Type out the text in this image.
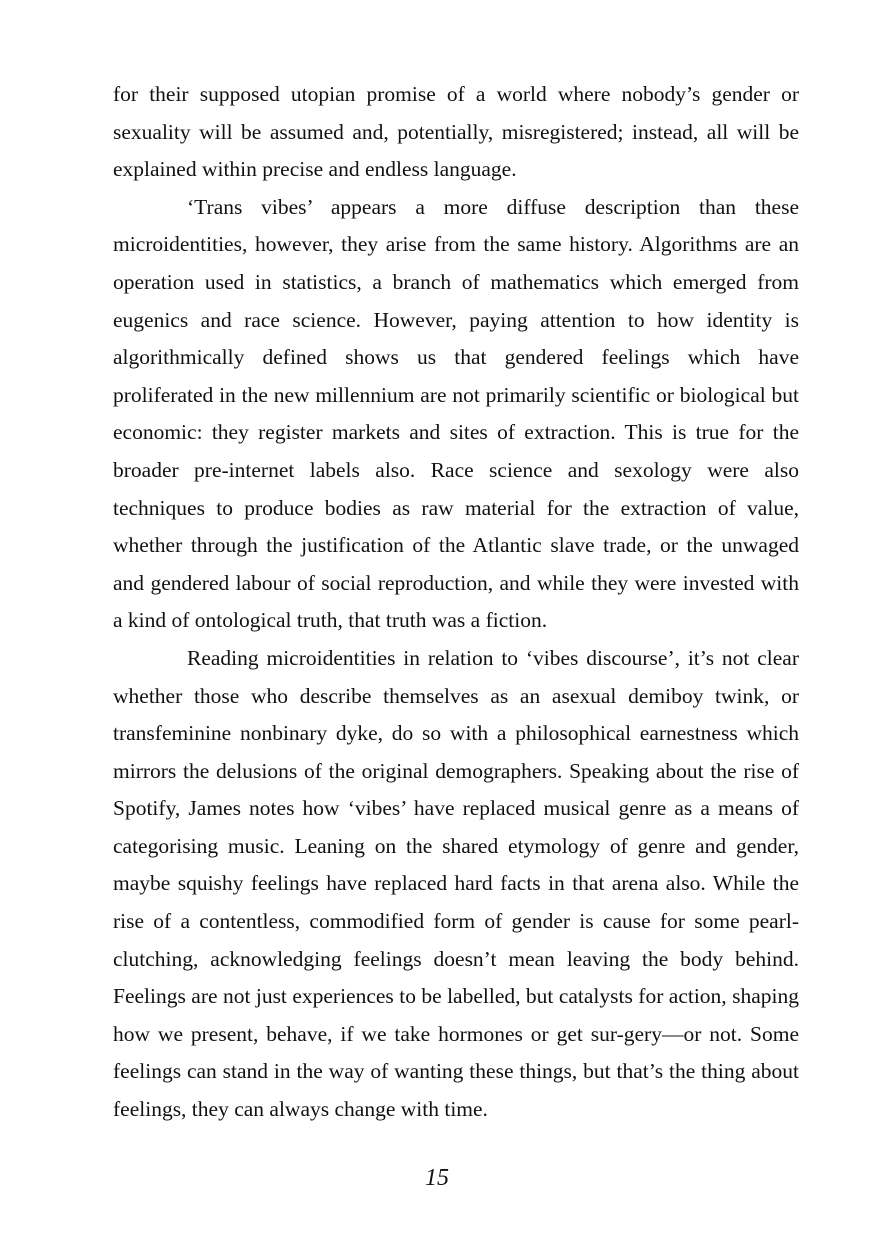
for their supposed utopian promise of a world where nobody’s gender or sexuality will be assumed and, potentially, misregistered; instead, all will be explained within precise and endless language.

‘Trans vibes’ appears a more diffuse description than these microidentities, however, they arise from the same history. Algorithms are an operation used in statistics, a branch of mathematics which emerged from eugenics and race science. However, paying attention to how identity is algorithmically defined shows us that gendered feelings which have proliferated in the new millennium are not primarily scientific or biological but economic: they register markets and sites of extraction. This is true for the broader pre-internet labels also. Race science and sexology were also techniques to produce bodies as raw material for the extraction of value, whether through the justification of the Atlantic slave trade, or the unwaged and gendered labour of social reproduction, and while they were invested with a kind of ontological truth, that truth was a fiction.

Reading microidentities in relation to ‘vibes discourse’, it’s not clear whether those who describe themselves as an asexual demiboy twink, or transfeminine nonbinary dyke, do so with a philosophical earnestness which mirrors the delusions of the original demographers. Speaking about the rise of Spotify, James notes how ‘vibes’ have replaced musical genre as a means of categorising music. Leaning on the shared etymology of genre and gender, maybe squishy feelings have replaced hard facts in that arena also. While the rise of a contentless, commodified form of gender is cause for some pearl-clutching, acknowledging feelings doesn’t mean leaving the body behind. Feelings are not just experiences to be labelled, but catalysts for action, shaping how we present, behave, if we take hormones or get sur-gery—or not. Some feelings can stand in the way of wanting these things, but that’s the thing about feelings, they can always change with time.

15
